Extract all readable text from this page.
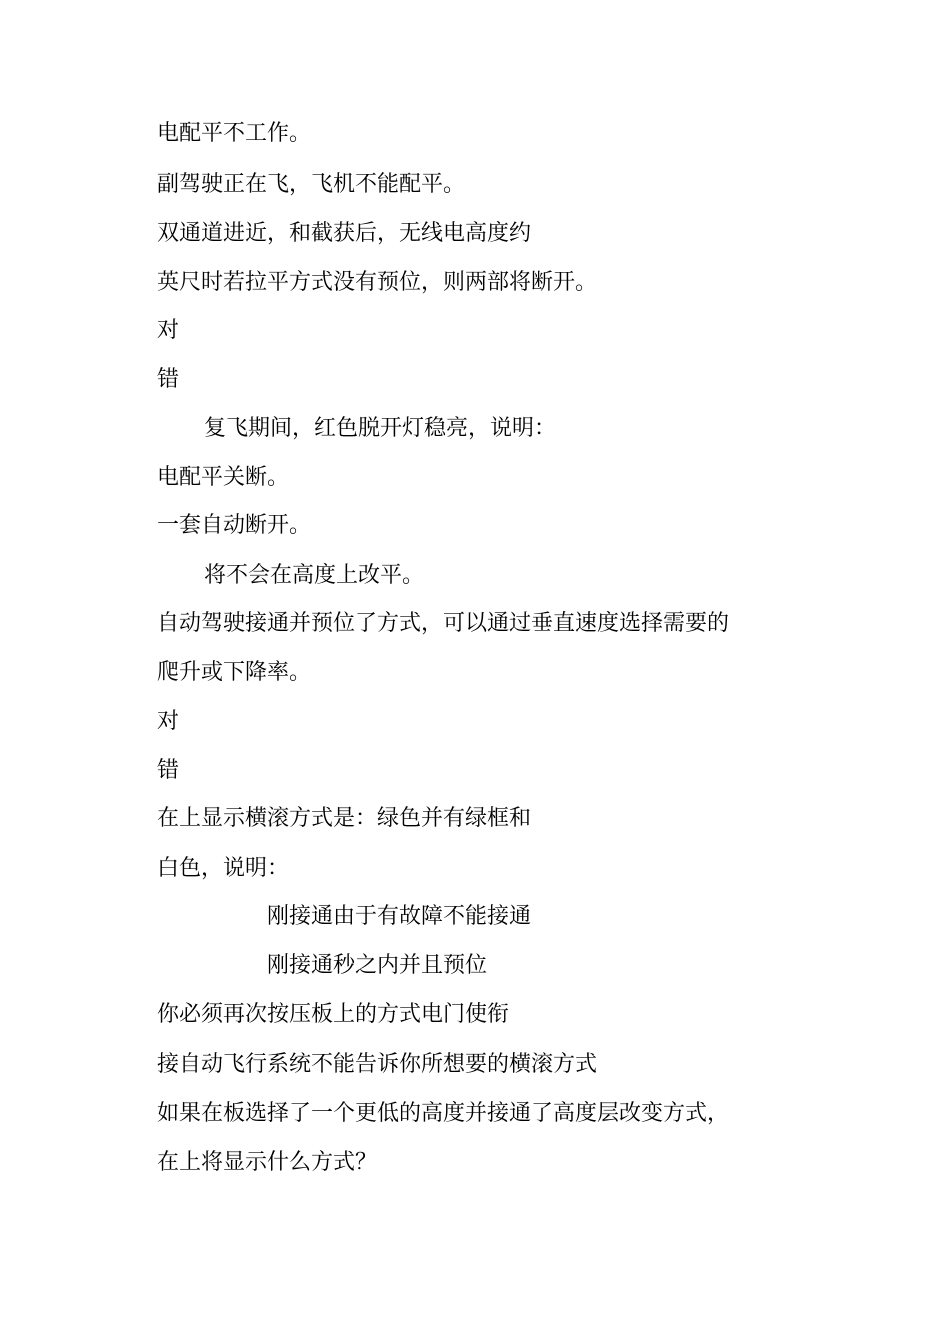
电配平不工作。
副驾驶正在飞，飞机不能配平。
双通道进近，和截获后，无线电高度约
英尺时若拉平方式没有预位，则两部将断开。
对
错
复飞期间，红色脱开灯稳亮，说明：
电配平关断。
一套自动断开。
将不会在高度上改平。
自动驾驶接通并预位了方式，可以通过垂直速度选择需要的
爬升或下降率。
对
错
在上显示横滚方式是：绿色并有绿框和
白色，说明：
刚接通由于有故障不能接通
刚接通秒之内并且预位
你必须再次按压板上的方式电门使衔
接自动飞行系统不能告诉你所想要的横滚方式
如果在板选择了一个更低的高度并接通了高度层改变方式，
在上将显示什么方式？
